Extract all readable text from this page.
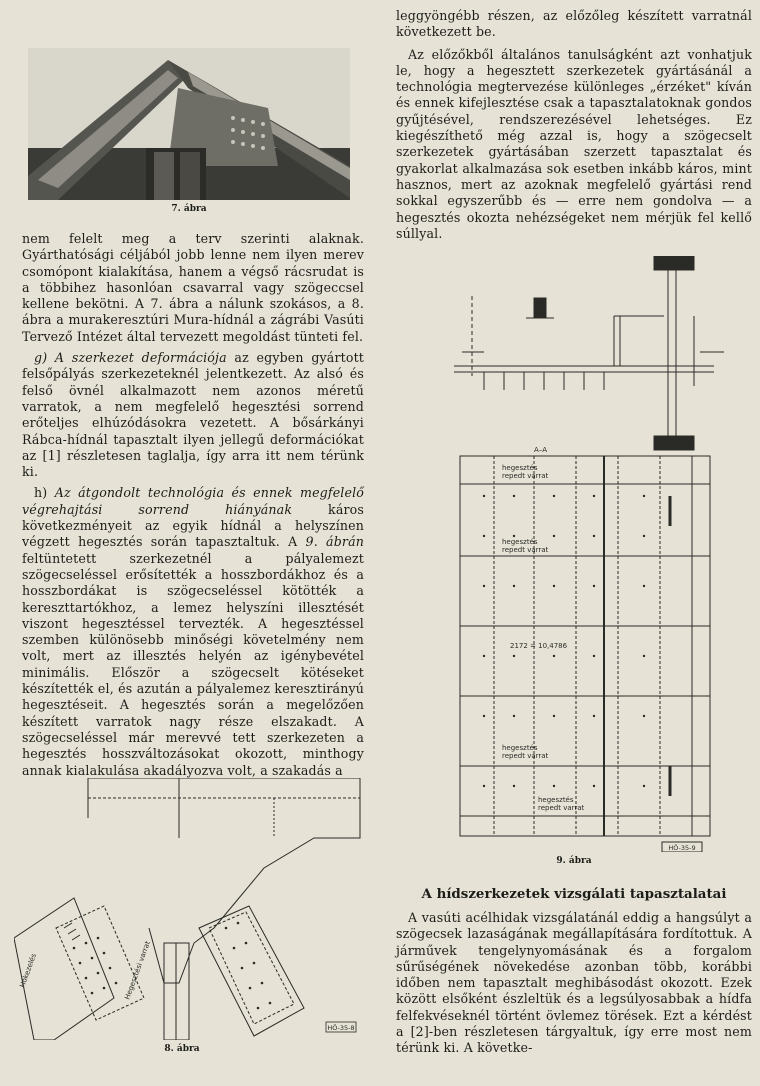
7. ábra

nem felelt meg a terv szerinti alaknak. Gyárthatósági céljából jobb lenne nem ilyen merev csomópont kialakítása, hanem a végső rácsrudat is a többihez hasonlóan csavarral vagy szögeccsel kellene bekötni. A 7. ábra a nálunk szokásos, a 8. ábra a murakeresztúri Mura-hídnál a zágrábi Vasúti Tervező Intézet által tervezett megoldást tünteti fel.

g) A szerkezet deformációja az egyben gyártott felsőpályás szerkezeteknél jelentkezett. Az alsó és felső övnél alkalmazott nem azonos méretű varratok, a nem megfelelő hegesztési sorrend erőteljes elhúzódásokra vezetett. A bősárkányi Rábca-hídnál tapasztalt ilyen jellegű deformációkat az [1] részletesen taglalja, így arra itt nem térünk ki.

h) Az átgondolt technológia és ennek megfelelő végrehajtási sorrend hiányának káros következményeit az egyik hídnál a helyszínen végzett hegesztés során tapasztaltuk. A 9. ábrán feltüntetett szerkezetnél a pályalemezt szögecseléssel erősítették a hosszbordákhoz és a hosszbordákat is szögecseléssel kötötték a kereszttartókhoz, a lemez helyszíni illesztését viszont hegesztéssel tervezték. A hegesztéssel szemben különösebb minőségi követelmény nem volt, mert az illesztés helyén az igénybevétel minimális. Először a szögecselt kötéseket készítették el, és azután a pályalemez keresztirányú hegesztéseit. A hegesztés során a megelőzően készített varratok nagy része elszakadt. A szögecseléssel már merevvé tett szerkezeten a hegesztés hosszváltozásokat okozott, minthogy annak kialakulása akadályozva volt, a szakadás a

Hőkezelés	Hegesztési varrat
HÖ-35-8

8. ábra

leggyöngébb részen, az előzőleg készített varratnál következett be.

Az előzőkből általános tanulságként azt vonhatjuk le, hogy a hegesztett szerkezetek gyártásánál a technológia megtervezése különleges „érzéket" kíván és ennek kifejlesztése csak a tapasztalatoknak gondos gyűjtésével, rendszerezésével lehetséges. Ez kiegészíthető még azzal is, hogy a szögecselt szerkezetek gyártásában szerzett tapasztalat és gyakorlat alkalmazása sok esetben inkább káros, mint hasznos, mert az azoknak megfelelő gyártási rend sokkal egyszerűbb és — erre nem gondolva — a hegesztés okozta nehézségeket nem mérjük fel kellő súllyal.

A–A
hegesztés
repedt varrat
hegesztés
repedt varrat
hegesztés
repedt varrat
hegesztés
repedt varrat
2172 = 10,4786
HÖ-35-9

9. ábra

A hídszerkezetek vizsgálati tapasztalatai

A vasúti acélhidak vizsgálatánál eddig a hangsúlyt a szögecsek lazaságának megállapítására fordítottuk. A járművek tengelynyomásának és a forgalom sűrűségének növekedése azonban több, korábbi időben nem tapasztalt meghibásodást okozott. Ezek között elsőként észleltük és a legsúlyosabbak a hídfa felfekvéseknél történt övlemez törések. Ezt a kérdést a [2]-ben részletesen tárgyaltuk, így erre most nem térünk ki. A követke-
